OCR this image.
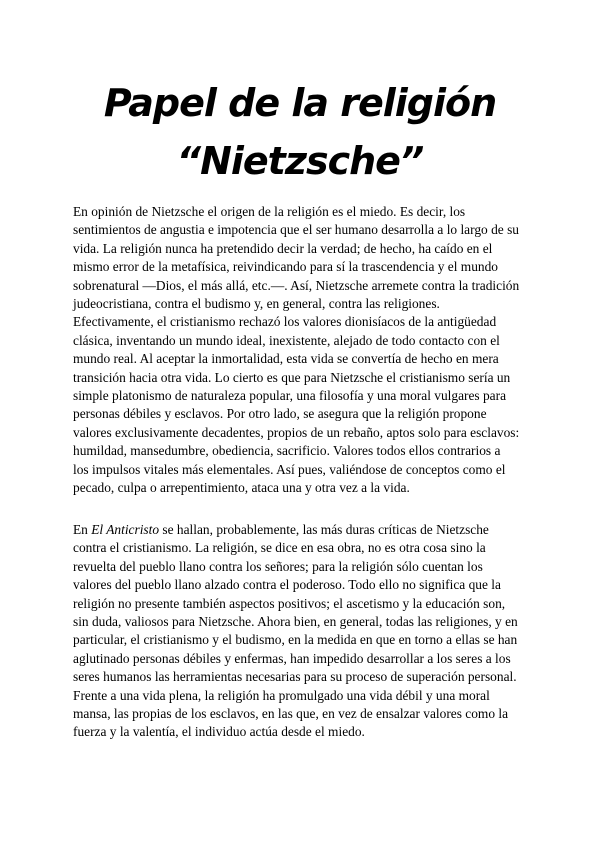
Papel de la religión
“Nietzsche”
En opinión de Nietzsche el origen de la religión es el miedo. Es decir, los
sentimientos de angustia e impotencia que el ser humano desarrolla a lo largo de su
vida. La religión nunca ha pretendido decir la verdad; de hecho, ha caído en el
mismo error de la metafísica, reivindicando para sí la trascendencia y el mundo
sobrenatural —Dios, el más allá, etc.—. Así, Nietzsche arremete contra la tradición
judeocristiana, contra el budismo y, en general, contra las religiones.
Efectivamente, el cristianismo rechazó los valores dionisíacos de la antigüedad
clásica, inventando un mundo ideal, inexistente, alejado de todo contacto con el
mundo real. Al aceptar la inmortalidad, esta vida se convertía de hecho en mera
transición hacia otra vida. Lo cierto es que para Nietzsche el cristianismo sería un
simple platonismo de naturaleza popular, una filosofía y una moral vulgares para
personas débiles y esclavos. Por otro lado, se asegura que la religión propone
valores exclusivamente decadentes, propios de un rebaño, aptos solo para esclavos:
humildad, mansedumbre, obediencia, sacrificio. Valores todos ellos contrarios a
los impulsos vitales más elementales. Así pues, valiéndose de conceptos como el
pecado, culpa o arrepentimiento, ataca una y otra vez a la vida.
En El Anticristo se hallan, probablemente, las más duras críticas de Nietzsche
contra el cristianismo. La religión, se dice en esa obra, no es otra cosa sino la
revuelta del pueblo llano contra los señores; para la religión sólo cuentan los
valores del pueblo llano alzado contra el poderoso. Todo ello no significa que la
religión no presente también aspectos positivos; el ascetismo y la educación son,
sin duda, valiosos para Nietzsche. Ahora bien, en general, todas las religiones, y en
particular, el cristianismo y el budismo, en la medida en que en torno a ellas se han
aglutinado personas débiles y enfermas, han impedido desarrollar a los seres a los
seres humanos las herramientas necesarias para su proceso de superación personal.
Frente a una vida plena, la religión ha promulgado una vida débil y una moral
mansa, las propias de los esclavos, en las que, en vez de ensalzar valores como la
fuerza y la valentía, el individuo actúa desde el miedo.
